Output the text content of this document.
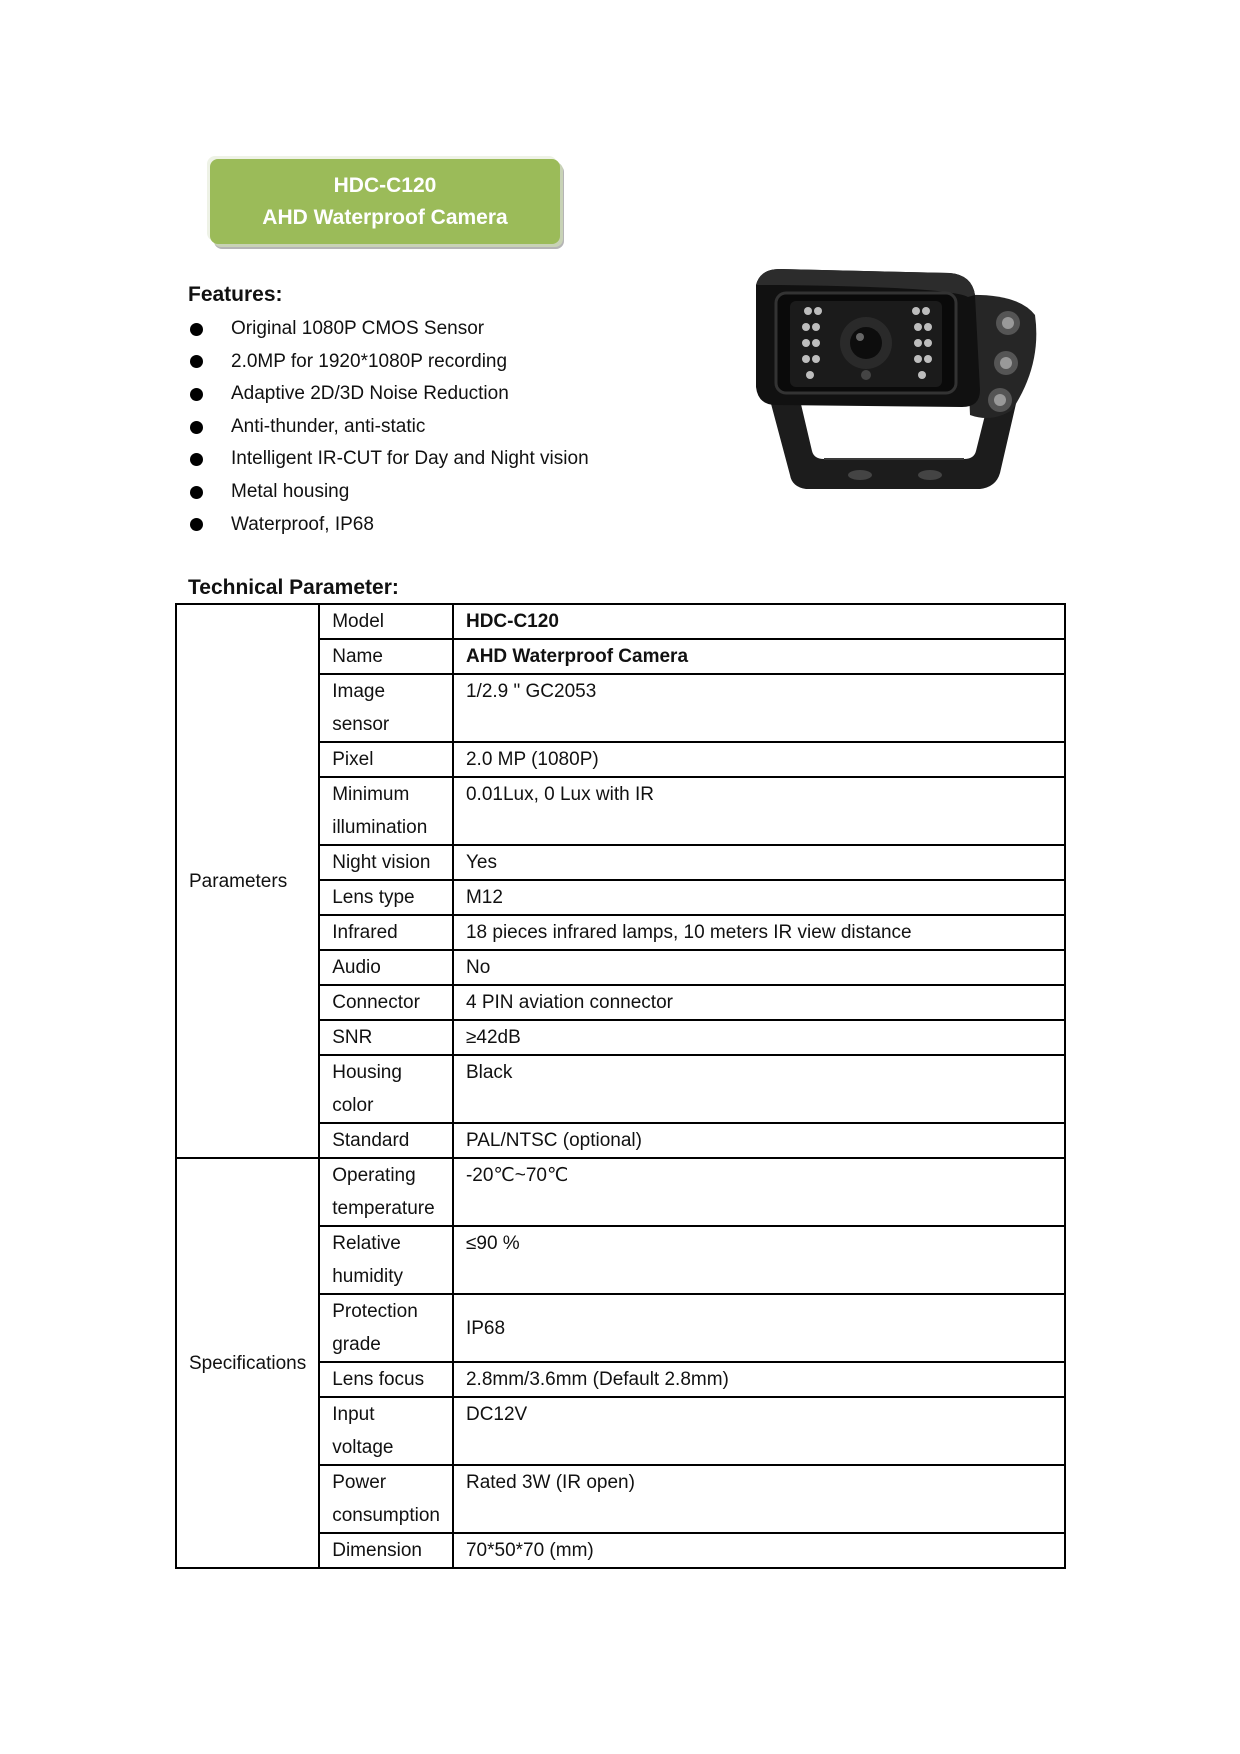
HDC-C120
AHD Waterproof Camera
Features:
Original 1080P CMOS Sensor
2.0MP for 1920*1080P recording
Adaptive 2D/3D Noise Reduction
Anti-thunder, anti-static
Intelligent IR-CUT for Day and Night vision
Metal housing
Waterproof, IP68
Technical Parameter:
Parameters	Model	HDC-C120
	Name	AHD Waterproof Camera
	Image sensor	1/2.9 " GC2053
	Pixel	2.0 MP (1080P)
	Minimum illumination	0.01Lux, 0 Lux with IR
	Night vision	Yes
	Lens type	M12
	Infrared	18 pieces infrared lamps, 10 meters IR view distance
	Audio	No
	Connector	4 PIN aviation connector
	SNR	≥42dB
	Housing color	Black
	Standard	PAL/NTSC (optional)
Specifications	Operating temperature	-20℃~70℃
	Relative humidity	≤90 %
	Protection grade	IP68
	Lens focus	2.8mm/3.6mm (Default 2.8mm)
	Input voltage	DC12V
	Power consumption	Rated 3W (IR open)
	Dimension	70*50*70 (mm)
